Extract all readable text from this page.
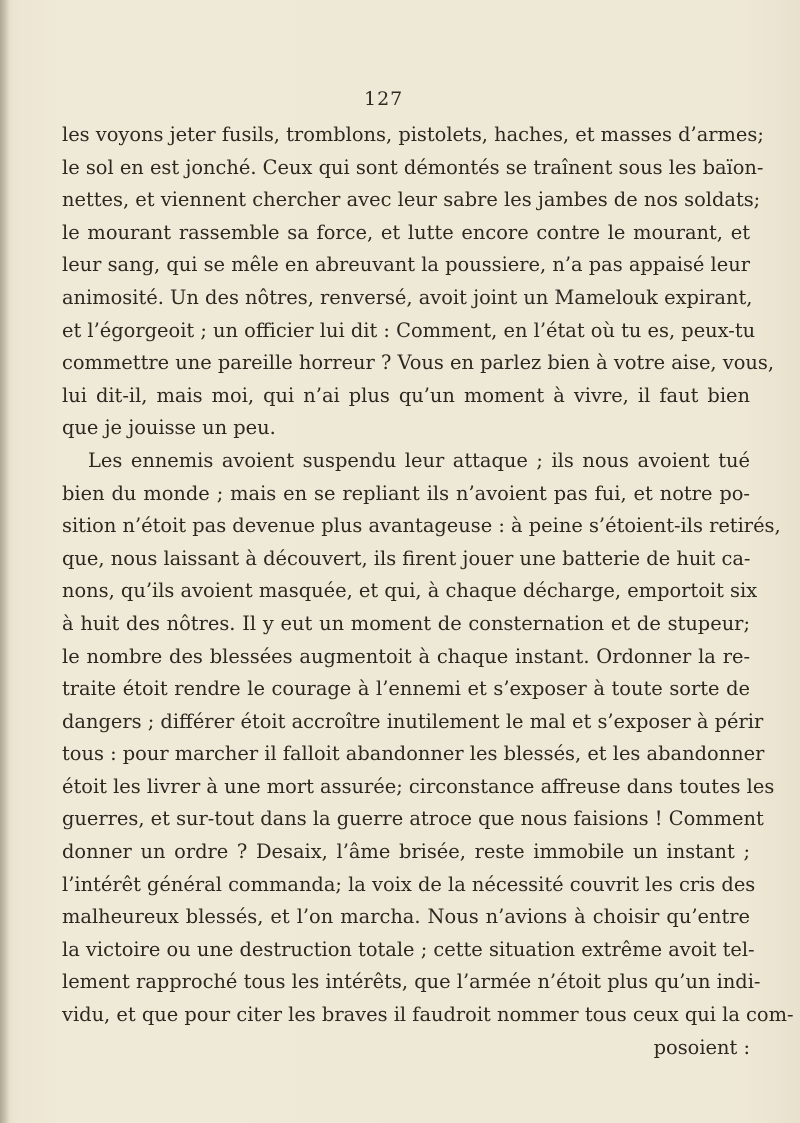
127
les voyons jeter fusils, tromblons, pistolets, haches, et masses d’armes;
le sol en est jonché. Ceux qui sont démontés se traînent sous les baïon-
nettes, et viennent chercher avec leur sabre les jambes de nos soldats;
le mourant rassemble sa force, et lutte encore contre le mourant, et
leur sang, qui se mêle en abreuvant la poussiere, n’a pas appaisé leur
animosité. Un des nôtres, renversé, avoit joint un Mamelouk expirant,
et l’égorgeoit ; un officier lui dit : Comment, en l’état où tu es, peux-tu
commettre une pareille horreur ? Vous en parlez bien à votre aise, vous,
lui dit-il, mais moi, qui n’ai plus qu’un moment à vivre, il faut bien
que je jouisse un peu.
Les ennemis avoient suspendu leur attaque ; ils nous avoient tué
bien du monde ; mais en se repliant ils n’avoient pas fui, et notre po-
sition n’étoit pas devenue plus avantageuse : à peine s’étoient-ils retirés,
que, nous laissant à découvert, ils firent jouer une batterie de huit ca-
nons, qu’ils avoient masquée, et qui, à chaque décharge, emportoit six
à huit des nôtres. Il y eut un moment de consternation et de stupeur;
le nombre des blessées augmentoit à chaque instant. Ordonner la re-
traite étoit rendre le courage à l’ennemi et s’exposer à toute sorte de
dangers ; différer étoit accroître inutilement le mal et s’exposer à périr
tous : pour marcher il falloit abandonner les blessés, et les abandonner
étoit les livrer à une mort assurée; circonstance affreuse dans toutes les
guerres, et sur-tout dans la guerre atroce que nous faisions ! Comment
donner un ordre ? Desaix, l’âme brisée, reste immobile un instant ;
l’intérêt général commanda; la voix de la nécessité couvrit les cris des
malheureux blessés, et l’on marcha. Nous n’avions à choisir qu’entre
la victoire ou une destruction totale ; cette situation extrême avoit tel-
lement rapproché tous les intérêts, que l’armée n’étoit plus qu’un indi-
vidu, et que pour citer les braves il faudroit nommer tous ceux qui la com-
posoient :
